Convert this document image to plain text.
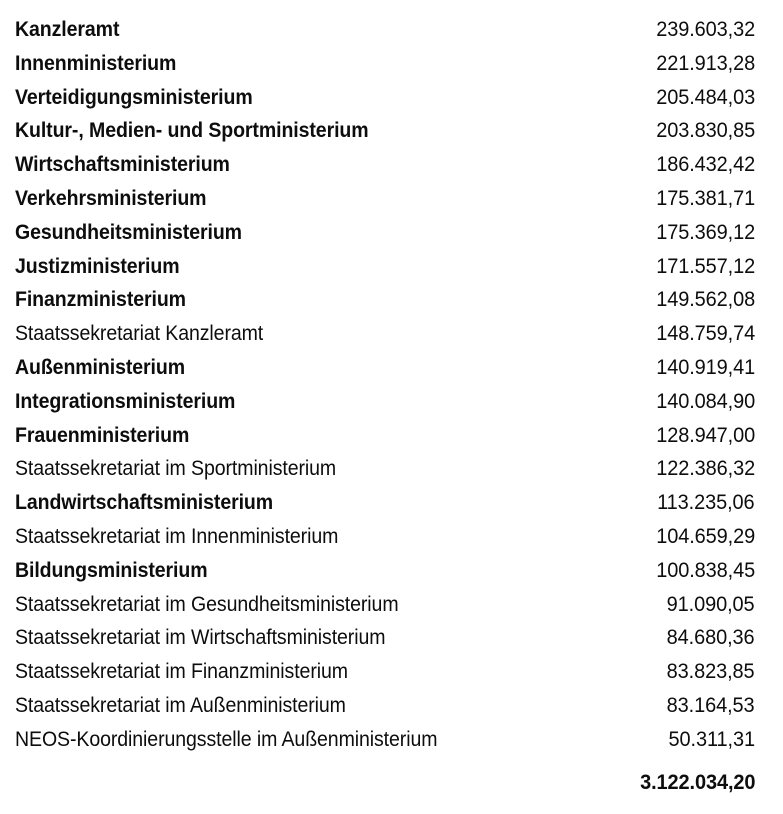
Kanzleramt	239.603,32
Innenministerium	221.913,28
Verteidigungsministerium	205.484,03
Kultur-, Medien- und Sportministerium	203.830,85
Wirtschaftsministerium	186.432,42
Verkehrsministerium	175.381,71
Gesundheitsministerium	175.369,12
Justizministerium	171.557,12
Finanzministerium	149.562,08
Staatssekretariat Kanzleramt	148.759,74
Außenministerium	140.919,41
Integrationsministerium	140.084,90
Frauenministerium	128.947,00
Staatssekretariat im Sportministerium	122.386,32
Landwirtschaftsministerium	113.235,06
Staatssekretariat im Innenministerium	104.659,29
Bildungsministerium	100.838,45
Staatssekretariat im Gesundheitsministerium	91.090,05
Staatssekretariat im Wirtschaftsministerium	84.680,36
Staatssekretariat im Finanzministerium	83.823,85
Staatssekretariat im Außenministerium	83.164,53
NEOS-Koordinierungsstelle im Außenministerium	50.311,31
3.122.034,20
